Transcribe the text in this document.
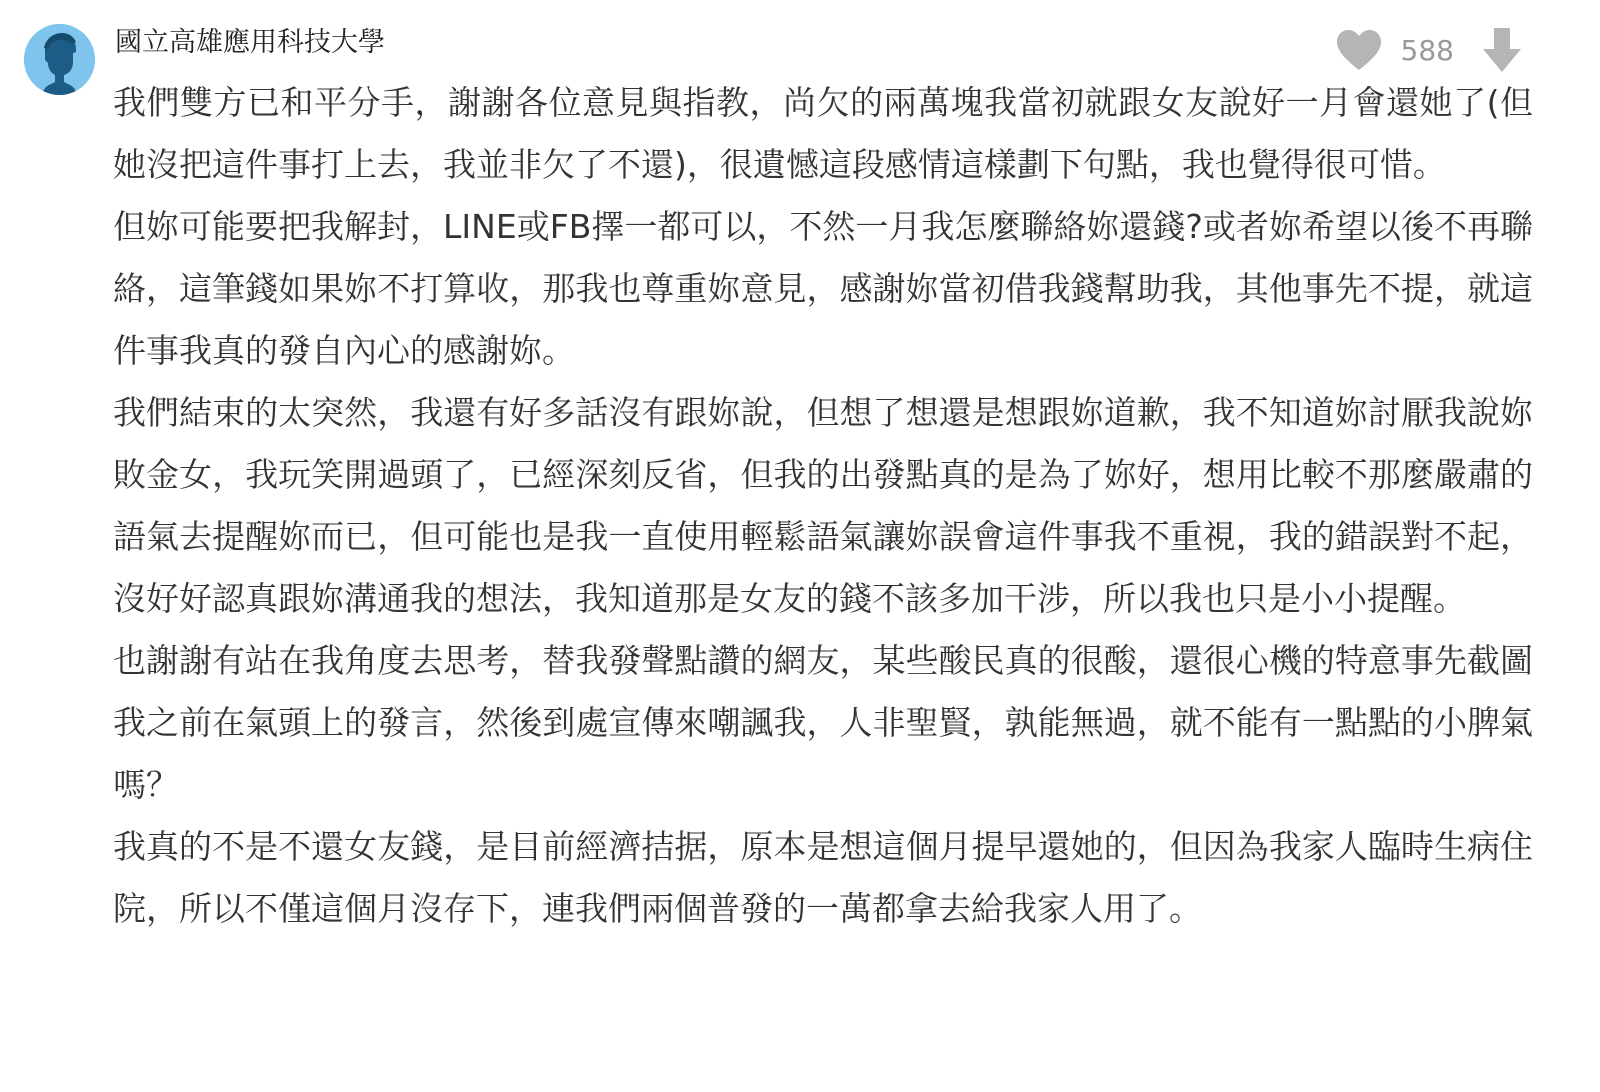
國立高雄應用科技大學	588

我們雙方已和平分手，謝謝各位意見與指教，尚欠的兩萬塊我當初就跟女友說好一月會還她了(但她沒把這件事打上去，我並非欠了不還)，很遺憾這段感情這樣劃下句點，我也覺得很可惜。

但妳可能要把我解封，LINE或FB擇一都可以，不然一月我怎麼聯絡妳還錢?或者妳希望以後不再聯絡，這筆錢如果妳不打算收，那我也尊重妳意見，感謝妳當初借我錢幫助我，其他事先不提，就這件事我真的發自內心的感謝妳。

我們結束的太突然，我還有好多話沒有跟妳說，但想了想還是想跟妳道歉，我不知道妳討厭我說妳敗金女，我玩笑開過頭了，已經深刻反省，但我的出發點真的是為了妳好，想用比較不那麼嚴肅的語氣去提醒妳而已，但可能也是我一直使用輕鬆語氣讓妳誤會這件事我不重視，我的錯誤對不起，沒好好認真跟妳溝通我的想法，我知道那是女友的錢不該多加干涉，所以我也只是小小提醒。

也謝謝有站在我角度去思考，替我發聲點讚的網友，某些酸民真的很酸，還很心機的特意事先截圖我之前在氣頭上的發言，然後到處宣傳來嘲諷我，人非聖賢，孰能無過，就不能有一點點的小脾氣嗎？

我真的不是不還女友錢，是目前經濟拮据，原本是想這個月提早還她的，但因為我家人臨時生病住院，所以不僅這個月沒存下，連我們兩個普發的一萬都拿去給我家人用了。
